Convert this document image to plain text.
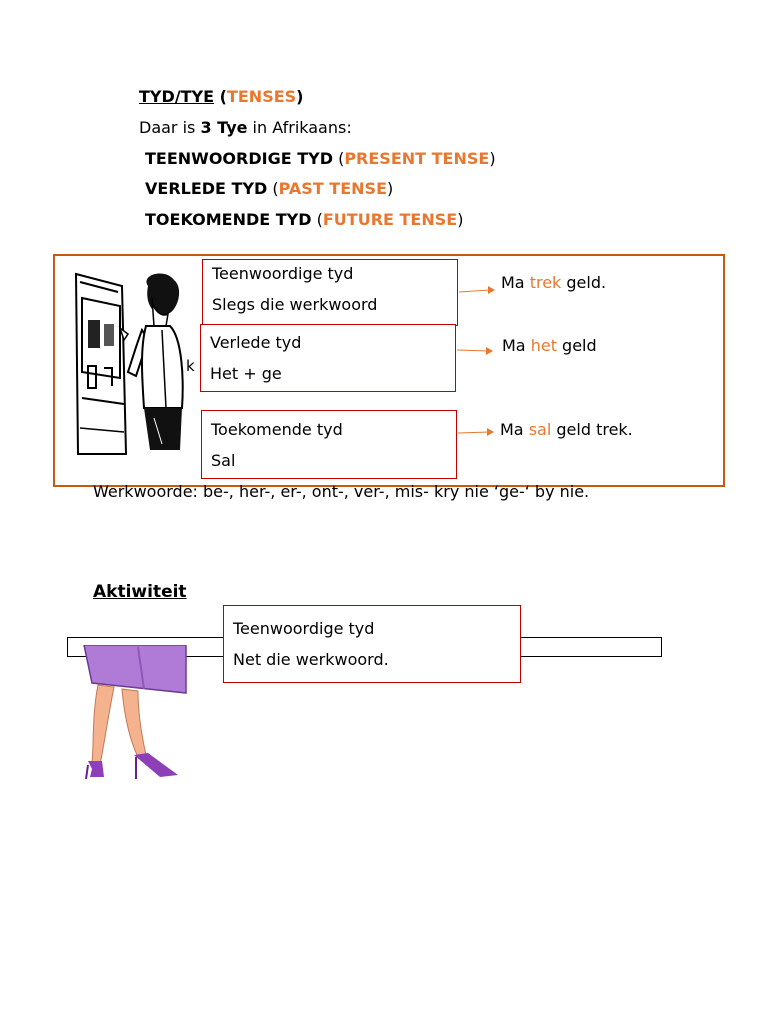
TYD/TYE (TENSES)
Daar is 3 Tye in Afrikaans:
TEENWOORDIGE TYD (PRESENT TENSE)
VERLEDE TYD (PAST TENSE)
TOEKOMENDE TYD (FUTURE TENSE)
k
Teenwoordige tyd
Slegs die werkwoord
Verlede tyd
Het + ge
Toekomende tyd
Sal
Ma trek geld.
Ma het geld
Ma sal geld trek.
Werkwoorde: be-, her-, er-, ont-, ver-, mis- kry nie ‘ge-‘ by nie.
Aktiwiteit
Teenwoordige tyd
Net die werkwoord.
